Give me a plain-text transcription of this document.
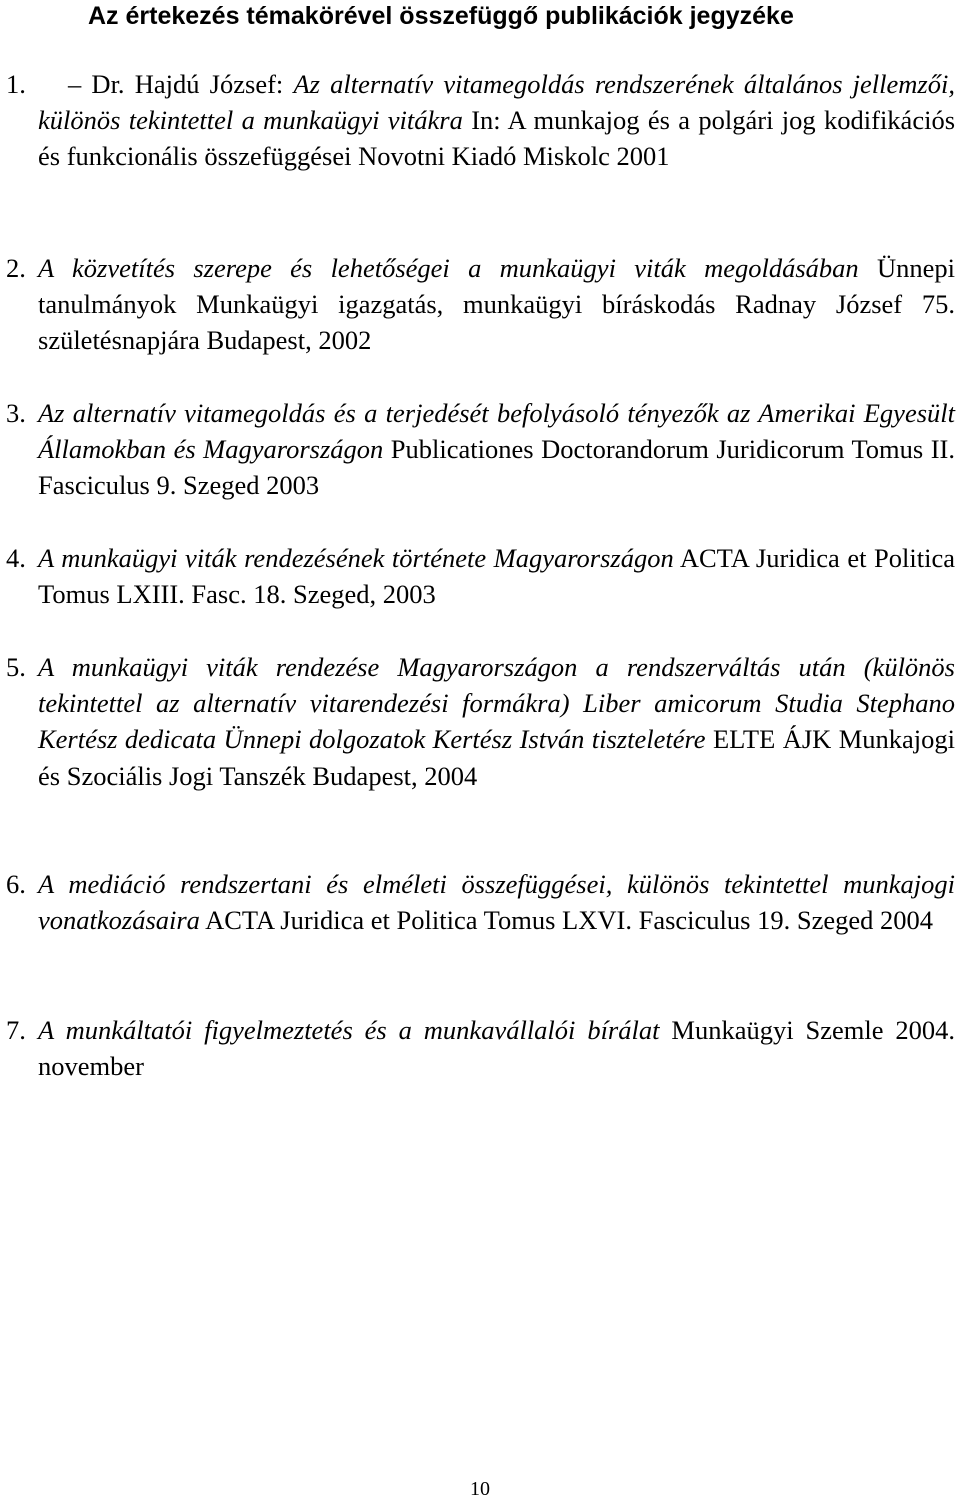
Az értekezés témakörével összefüggő publikációk jegyzéke
1. – Dr. Hajdú József: Az alternatív vitamegoldás rendszerének általános jellemzői, különös tekintettel a munkaügyi vitákra In: A munkajog és a polgári jog kodifikációs és funkcionális összefüggései Novotni Kiadó Miskolc 2001
2. A közvetítés szerepe és lehetőségei a munkaügyi viták megoldásában Ünnepi tanulmányok Munkaügyi igazgatás, munkaügyi bíráskodás Radnay József 75. születésnapjára Budapest, 2002
3. Az alternatív vitamegoldás és a terjedését befolyásoló tényezők az Amerikai Egyesült Államokban és Magyarországon Publicationes Doctorandorum Juridicorum Tomus II. Fasciculus 9. Szeged 2003
4. A munkaügyi viták rendezésének története Magyarországon ACTA Juridica et Politica Tomus LXIII. Fasc. 18. Szeged, 2003
5. A munkaügyi viták rendezése Magyarországon a rendszerváltás után (különös tekintettel az alternatív vitarendezési formákra) Liber amicorum Studia Stephano Kertész dedicata Ünnepi dolgozatok Kertész István tiszteletére ELTE ÁJK Munkajogi és Szociális Jogi Tanszék Budapest, 2004
6. A mediáció rendszertani és elméleti összefüggései, különös tekintettel munkajogi vonatkozásaira ACTA Juridica et Politica Tomus LXVI. Fasciculus 19. Szeged 2004
7. A munkáltatói figyelmeztetés és a munkavállalói bírálat Munkaügyi Szemle 2004. november

10
